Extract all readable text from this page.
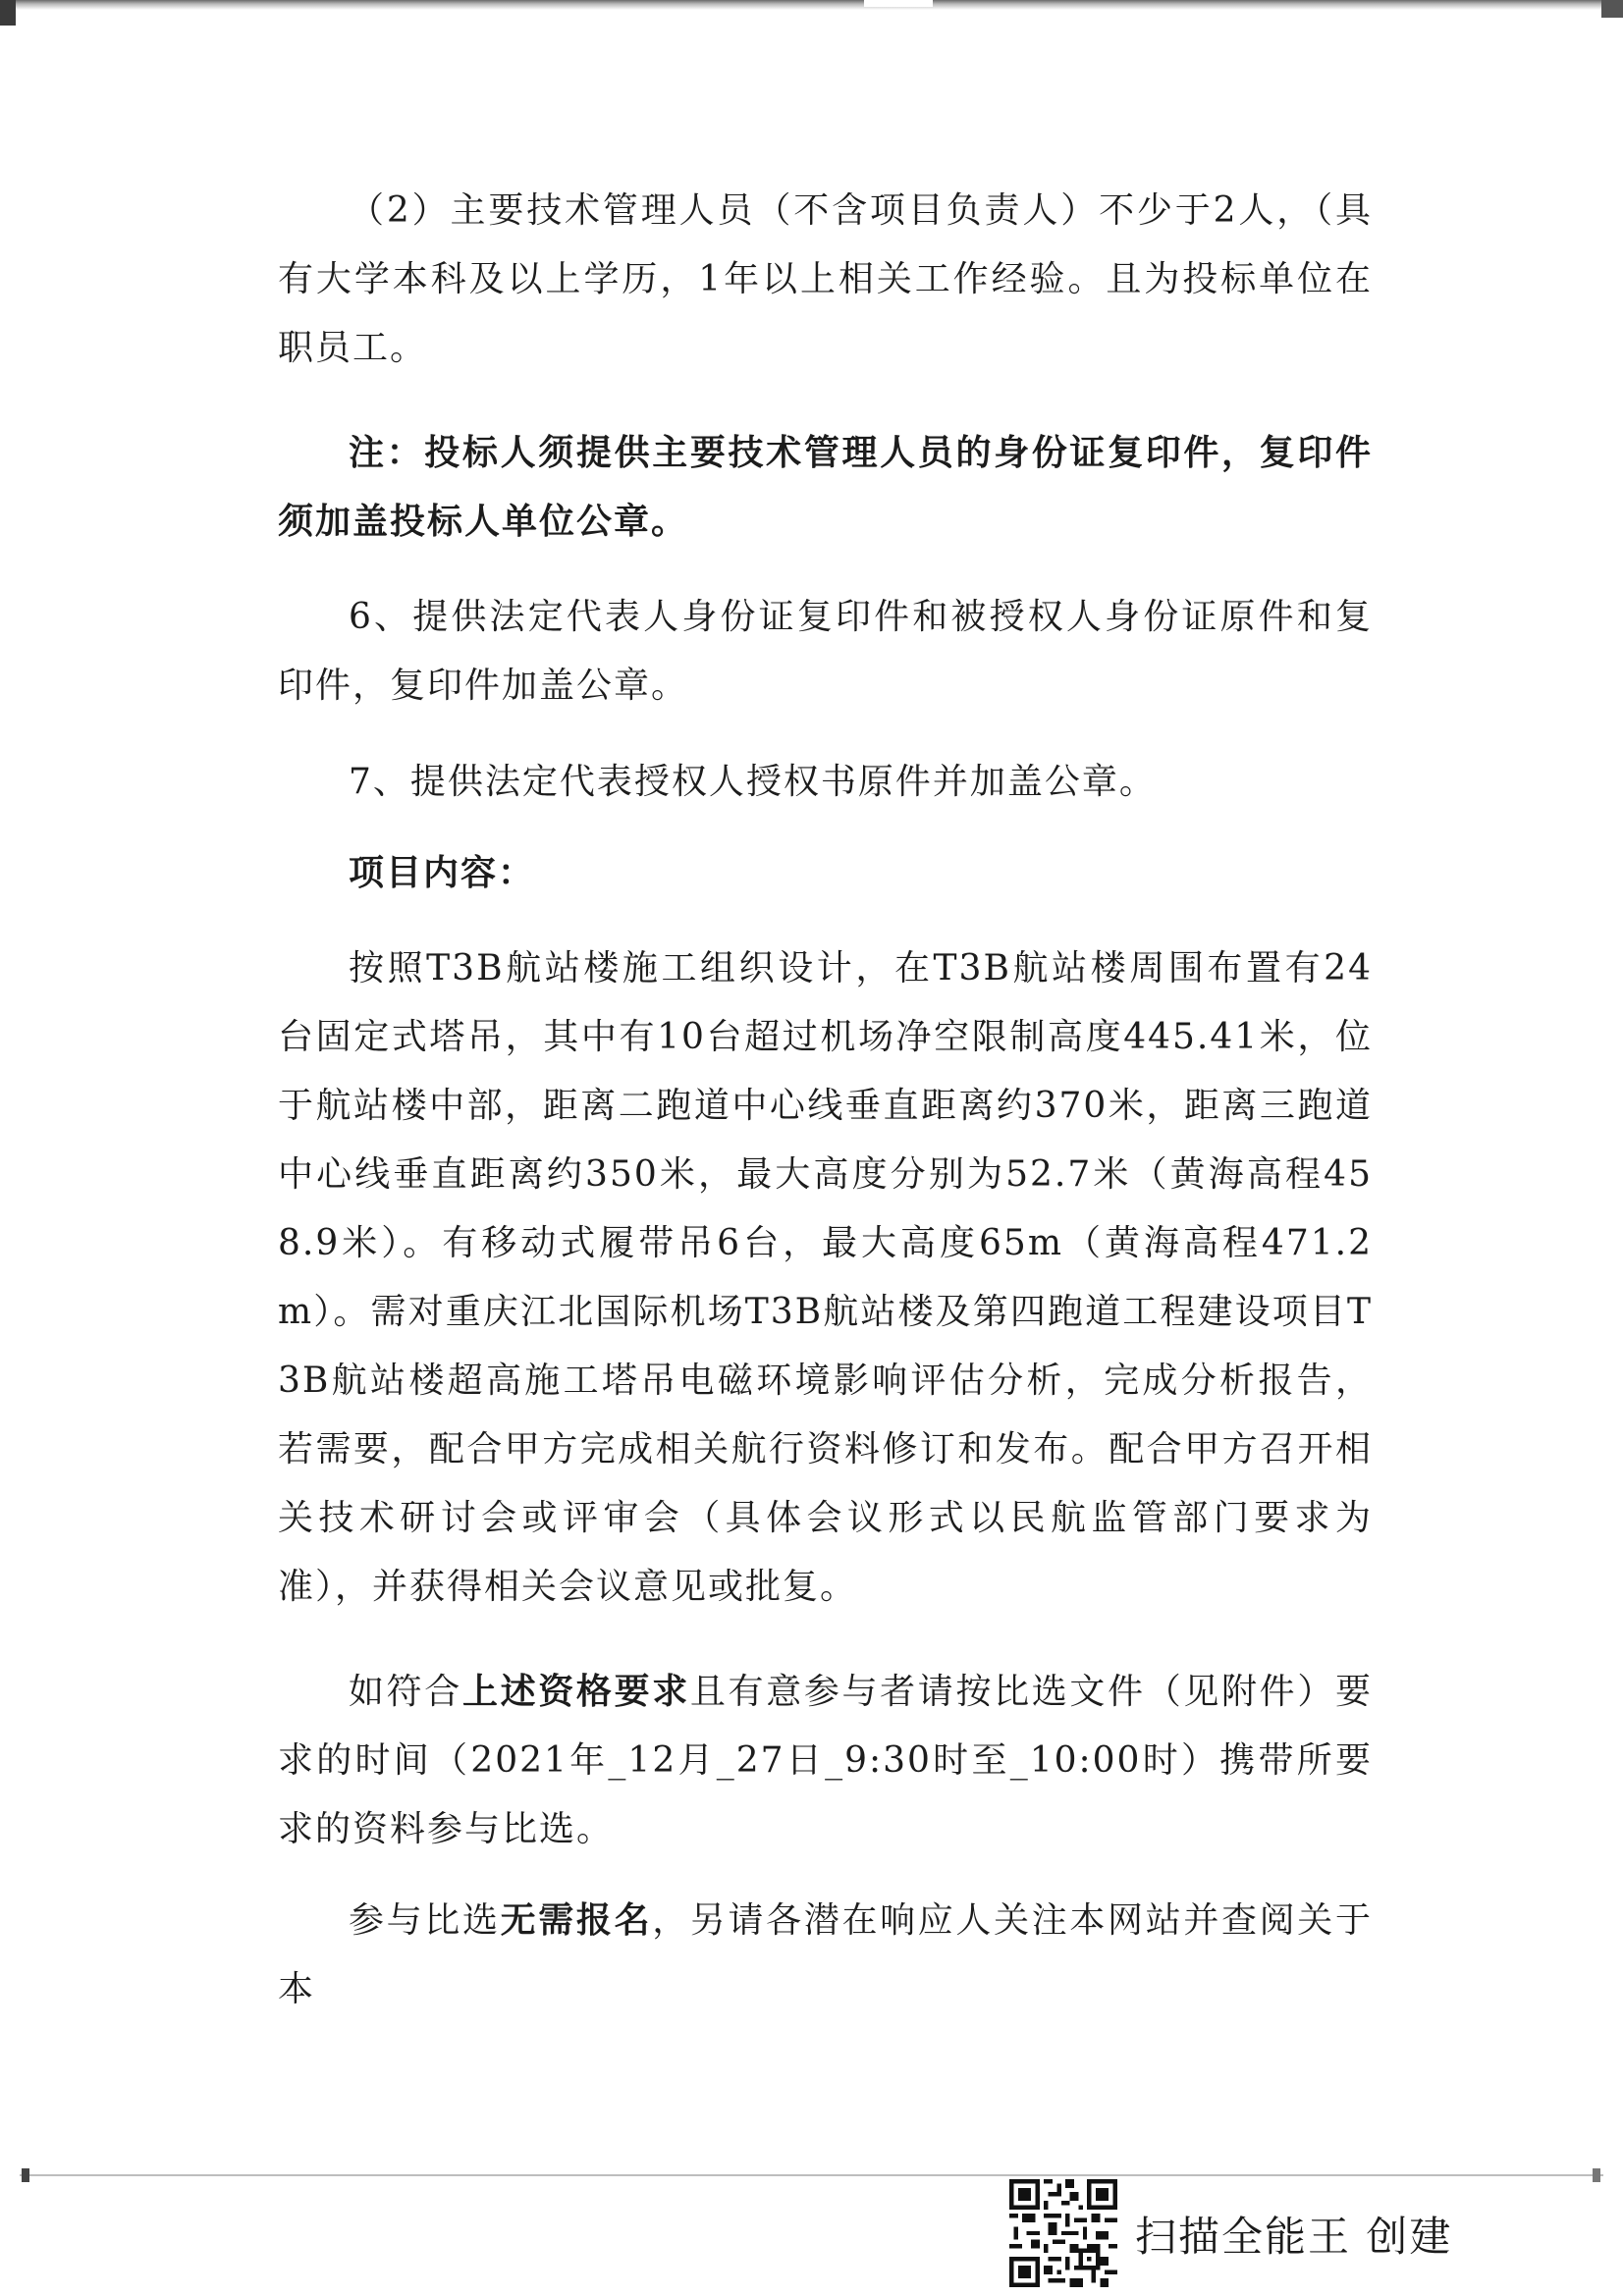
（2）主要技术管理人员（不含项目负责人）不少于2人，（具有大学本科及以上学历，1年以上相关工作经验。且为投标单位在职员工。

注：投标人须提供主要技术管理人员的身份证复印件，复印件须加盖投标人单位公章。

6、提供法定代表人身份证复印件和被授权人身份证原件和复印件，复印件加盖公章。

7、提供法定代表授权人授权书原件并加盖公章。

项目内容：

按照T3B航站楼施工组织设计，在T3B航站楼周围布置有24台固定式塔吊，其中有10台超过机场净空限制高度445.41米，位于航站楼中部，距离二跑道中心线垂直距离约370米，距离三跑道中心线垂直距离约350米，最大高度分别为52.7米（黄海高程458.9米）。有移动式履带吊6台，最大高度65m（黄海高程471.2m）。需对重庆江北国际机场T3B航站楼及第四跑道工程建设项目T3B航站楼超高施工塔吊电磁环境影响评估分析，完成分析报告，若需要，配合甲方完成相关航行资料修订和发布。配合甲方召开相关技术研讨会或评审会（具体会议形式以民航监管部门要求为准），并获得相关会议意见或批复。

如符合上述资格要求且有意参与者请按比选文件（见附件）要求的时间（2021年_12月_27日_9:30时至_10:00时）携带所要求的资料参与比选。

参与比选无需报名，另请各潜在响应人关注本网站并查阅关于本

扫描全能王 创建
